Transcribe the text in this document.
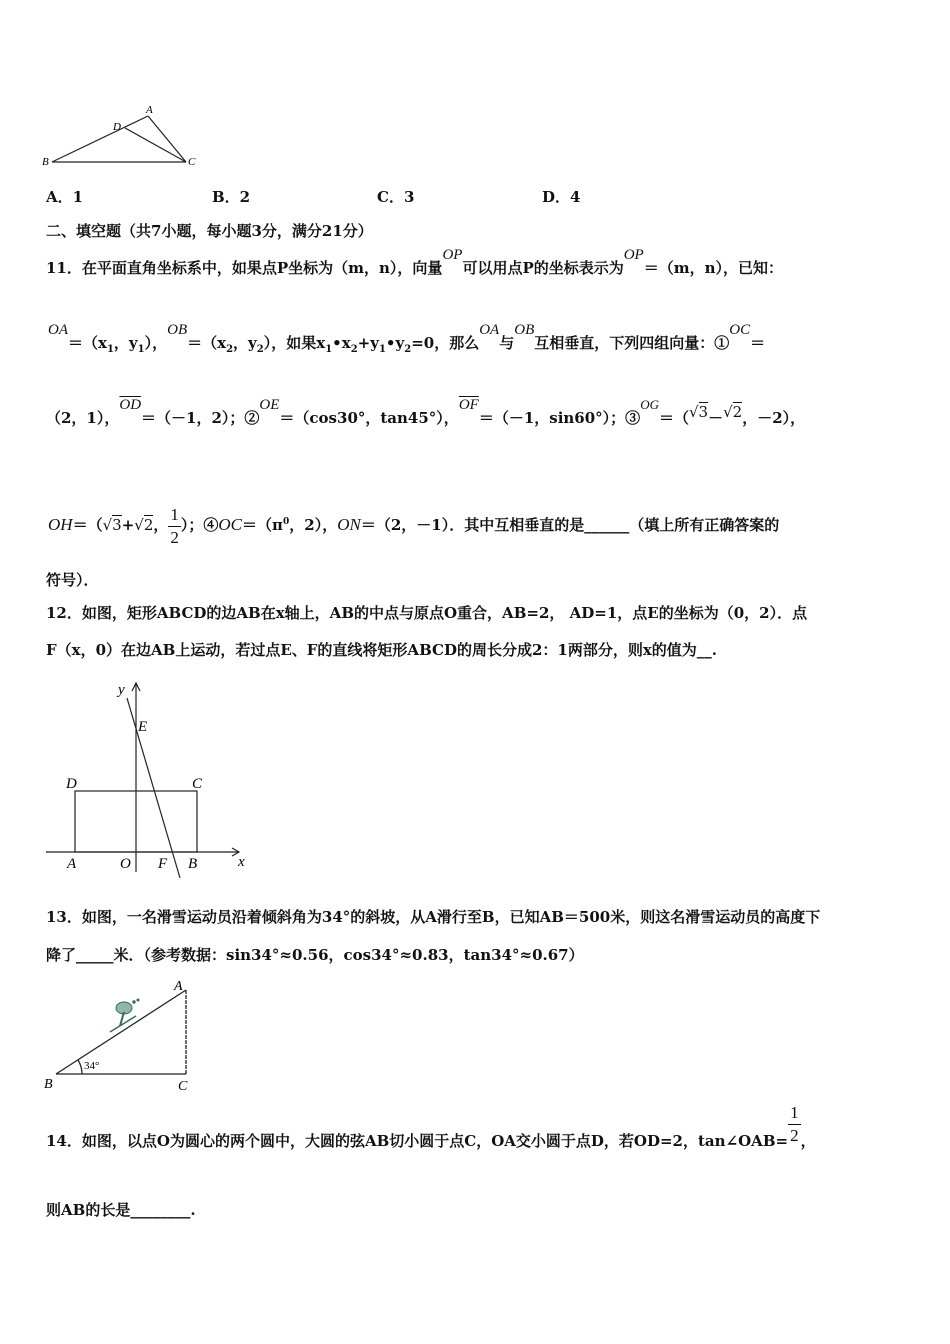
A
D
B	C
A．1	B．2	C．3	D．4
二、填空题（共7小题，每小题3分，满分21分）
11．在平面直角坐标系中，如果点P坐标为（m，n），向量OP可以用点P的坐标表示为OP＝（m，n），已知：
$OA=(x_1$，$y_1$），$OB=(x_2$，$y_2$），如果$x_1•x_2+y_1•y_2=0$，那么OA与OB互相垂直，下列四组向量：①OC＝
（2，1），$\overline{OD}=(-1$，2）；②OE＝（cos30°，tan45°），$\overline{OF}=(-1$，sin60°）；③OG＝（√3－√2，－2），
OH＝（√3+√2， $\frac{1}{2}$ ）；$④OC=(\pi^0$，2），ON＝（2，－1）．其中互相垂直的是______（填上所有正确答案的
符号）．
12．如图，矩形ABCD的边AB在x轴上，AB的中点与原点O重合，AB=2， AD=1，点E的坐标为（0，2）．点
F（x，0）在边AB上运动，若过点E、F的直线将矩形ABCD的周长分成2：1两部分，则x的值为__.
y
E
D	C
A	O F B	x
13．如图，一名滑雪运动员沿着倾斜角为34°的斜坡，从A滑行至B，已知AB＝500米，则这名滑雪运动员的高度下
降了_____米．（参考数据：sin34°≈0.56，cos34°≈0.83，tan34°≈0.67）
A
B	C
34°
14．如图，以点O为圆心的两个圆中，大圆的弦AB切小圆于点C，OA交小圆于点D，若OD=2，tan∠OAB= $\frac{1}{2}$ ，
则AB的长是________.
